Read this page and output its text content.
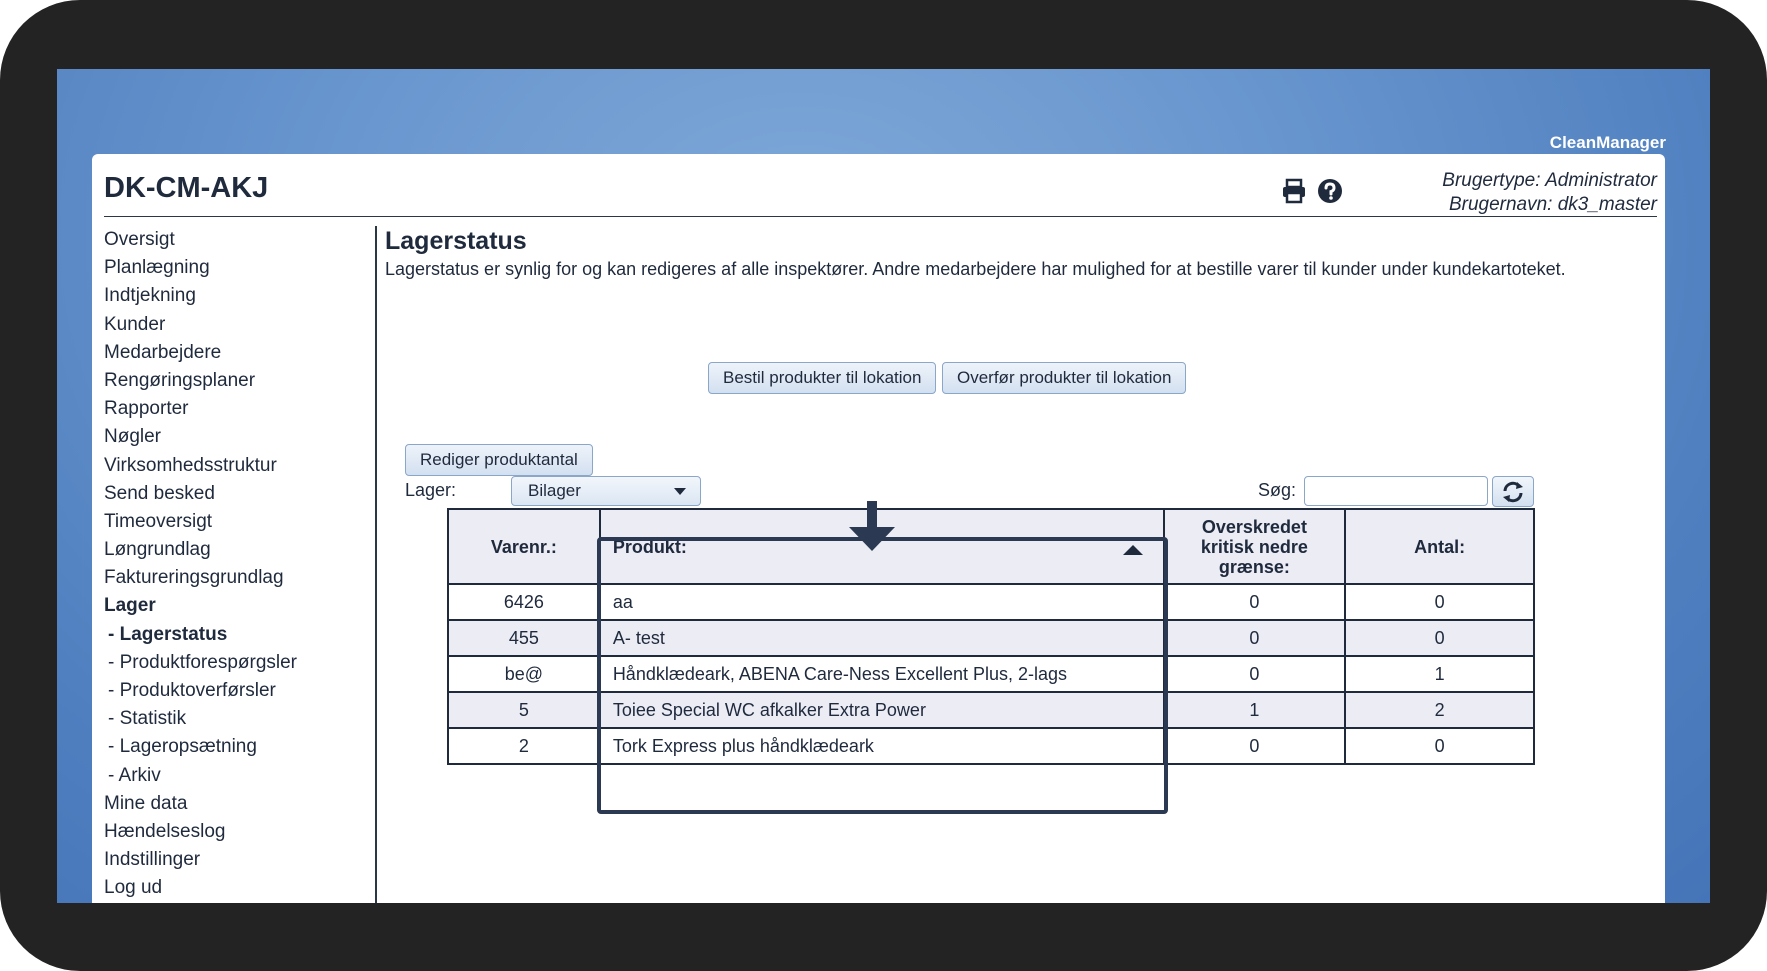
CleanManager
DK-CM-AKJ	Brugertype: Administrator
Brugernavn: dk3_master
Oversigt
Planlægning
Indtjekning
Kunder
Medarbejdere
Rengøringsplaner
Rapporter
Nøgler
Virksomhedsstruktur
Send besked
Timeoversigt
Løngrundlag
Faktureringsgrundlag
Lager
- Lagerstatus
- Produktforespørgsler
- Produktoverførsler
- Statistik
- Lageropsætning
- Arkiv
Mine data
Hændelseslog
Indstillinger
Log ud
Lagerstatus
Lagerstatus er synlig for og kan redigeres af alle inspektører. Andre medarbejdere har mulighed for at bestille varer til kunder under kundekartoteket.
Bestil produkter til lokation	Overfør produkter til lokation
Rediger produktantal
Lager:	Bilager	Søg:
Varenr.:	Produkt:	Overskredet kritisk nedre grænse:	Antal:
6426	aa	0	0
455	A- test	0	0
be@	Håndklædeark, ABENA Care-Ness Excellent Plus, 2-lags	0	1
5	Toiee Special WC afkalker Extra Power	1	2
2	Tork Express plus håndklædeark	0	0
